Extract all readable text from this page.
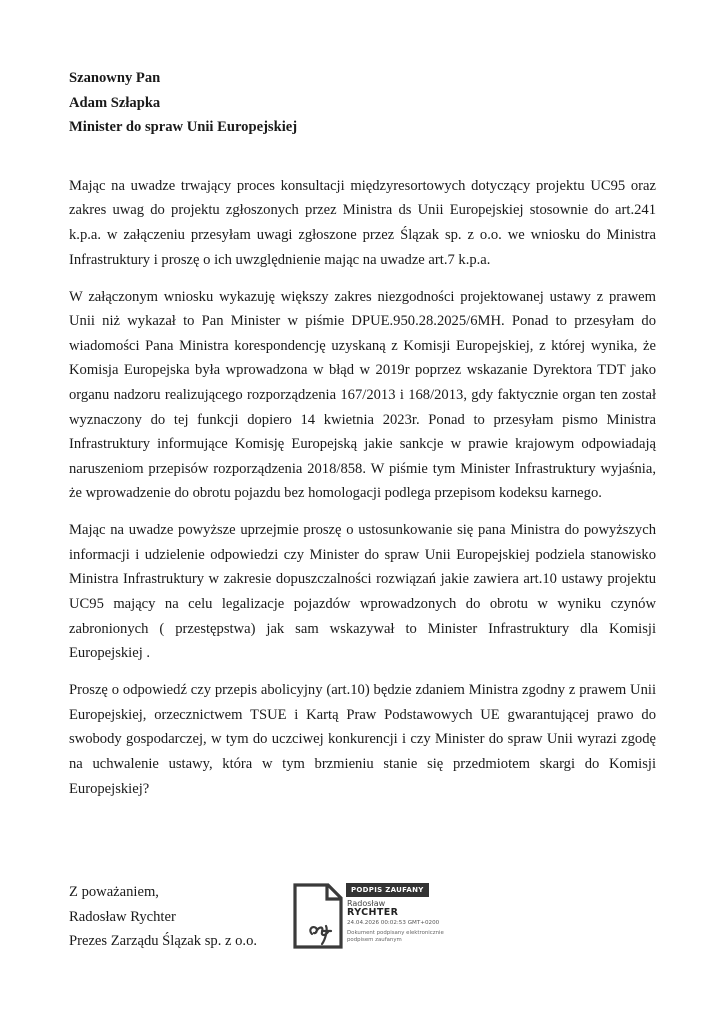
Szanowny Pan
Adam Szłapka
Minister do spraw Unii Europejskiej

Mając na uwadze trwający proces konsultacji międzyresortowych dotyczący projektu UC95 oraz zakres uwag do projektu zgłoszonych przez Ministra ds Unii Europejskiej stosownie do art.241 k.p.a. w załączeniu przesyłam uwagi zgłoszone przez Ślązak sp. z o.o. we wniosku do Ministra Infrastruktury i proszę o ich uwzględnienie mając na uwadze art.7 k.p.a.

W załączonym wniosku wykazuję większy zakres niezgodności projektowanej ustawy z prawem Unii niż wykazał to Pan Minister w piśmie DPUE.950.28.2025/6MH. Ponad to przesyłam do wiadomości Pana Ministra korespondencję uzyskaną z Komisji Europejskiej, z której wynika, że Komisja Europejska była wprowadzona w błąd w 2019r poprzez wskazanie Dyrektora TDT jako organu nadzoru realizującego rozporządzenia 167/2013 i 168/2013, gdy faktycznie organ ten został wyznaczony do tej funkcji dopiero 14 kwietnia 2023r. Ponad to przesyłam pismo Ministra Infrastruktury informujące Komisję Europejską jakie sankcje w prawie krajowym odpowiadają naruszeniom przepisów rozporządzenia 2018/858. W piśmie tym Minister Infrastruktury wyjaśnia, że wprowadzenie do obrotu pojazdu bez homologacji podlega przepisom kodeksu karnego.

Mając na uwadze powyższe uprzejmie proszę o ustosunkowanie się pana Ministra do powyższych informacji i udzielenie odpowiedzi czy Minister do spraw Unii Europejskiej podziela stanowisko Ministra Infrastruktury w zakresie dopuszczalności rozwiązań jakie zawiera art.10 ustawy projektu UC95 mający na celu legalizacje pojazdów wprowadzonych do obrotu w wyniku czynów zabronionych ( przestępstwa) jak sam wskazywał to Minister Infrastruktury dla Komisji Europejskiej .

Proszę o odpowiedź czy przepis abolicyjny (art.10) będzie zdaniem Ministra zgodny z prawem Unii Europejskiej, orzecznictwem TSUE i Kartą Praw Podstawowych UE gwarantującej prawo do swobody gospodarczej, w tym do uczciwej konkurencji i czy Minister do spraw Unii wyrazi zgodę na uchwalenie ustawy, która w tym brzmieniu stanie się przedmiotem skargi do Komisji Europejskiej?

Z poważaniem,
Radosław Rychter
Prezes Zarządu Ślązak sp. z o.o.
PODPIS ZAUFANY
Radosław
RYCHTER
24.04.2026 00:02:53 GMT+0200
Dokument podpisany elektronicznie podpisem zaufanym
